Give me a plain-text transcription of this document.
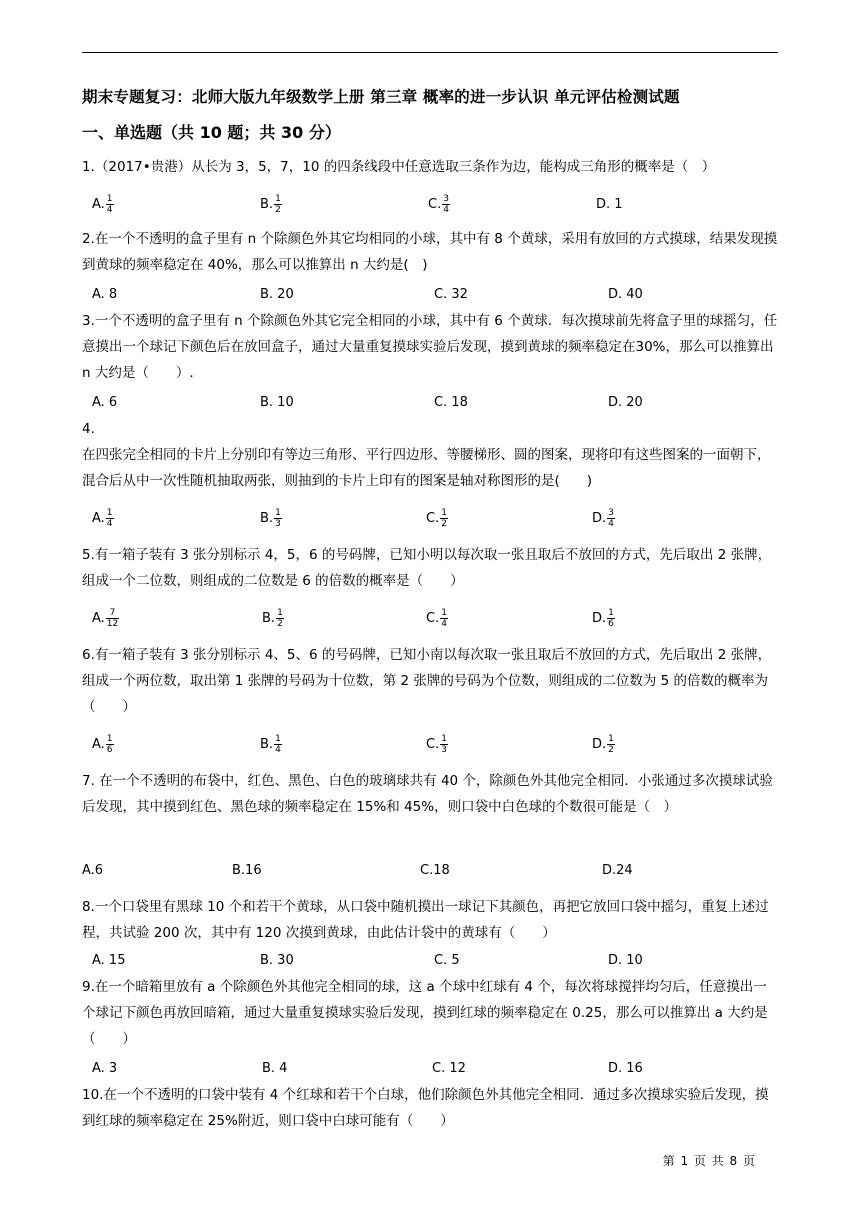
期末专题复习：北师大版九年级数学上册 第三章 概率的进一步认识 单元评估检测试题
一、单选题（共 10 题；共 30 分）
1.（2017•贵港）从长为 3，5，7，10 的四条线段中任意选取三条作为边，能构成三角形的概率是（　）
A. $\frac{1}{4}$	B. $\frac{1}{2}$	C. $\frac{3}{4}$	D. 1
2.在一个不透明的盒子里有 n 个除颜色外其它均相同的小球，其中有 8 个黄球，采用有放回的方式摸球，结果发现摸到黄球的频率稳定在 40%，那么可以推算出 n 大约是(　)
A. 8	B. 20	C. 32	D. 40
3.一个不透明的盒子里有 n 个除颜色外其它完全相同的小球，其中有 6 个黄球．每次摸球前先将盒子里的球摇匀，任意摸出一个球记下颜色后在放回盒子，通过大量重复摸球实验后发现，摸到黄球的频率稳定在30%，那么可以推算出 n 大约是（　　）.
A. 6	B. 10	C. 18	D. 20
4.
在四张完全相同的卡片上分别印有等边三角形、平行四边形、等腰梯形、圆的图案，现将印有这些图案的一面朝下，混合后从中一次性随机抽取两张，则抽到的卡片上印有的图案是轴对称图形的是(　　)
A. $\frac{1}{4}$	B. $\frac{1}{3}$	C. $\frac{1}{2}$	D. $\frac{3}{4}$
5.有一箱子装有 3 张分别标示 4，5，6 的号码牌，已知小明以每次取一张且取后不放回的方式，先后取出 2 张牌，组成一个二位数，则组成的二位数是 6 的倍数的概率是（　　）
A. $\frac{7}{12}$	B. $\frac{1}{2}$	C. $\frac{1}{4}$	D. $\frac{1}{6}$
6.有一箱子装有 3 张分别标示 4、5、6 的号码牌，已知小南以每次取一张且取后不放回的方式，先后取出 2 张牌，组成一个两位数，取出第 1 张牌的号码为十位数，第 2 张牌的号码为个位数，则组成的二位数为 5 的倍数的概率为（　　）
A. $\frac{1}{6}$	B. $\frac{1}{4}$	C. $\frac{1}{3}$	D. $\frac{1}{2}$
7. 在一个不透明的布袋中，红色、黑色、白色的玻璃球共有 40 个，除颜色外其他完全相同．小张通过多次摸球试验后发现，其中摸到红色、黑色球的频率稳定在 15%和 45%，则口袋中白色球的个数很可能是（　）
A.6	B.16	C.18	D.24
8.一个口袋里有黑球 10 个和若干个黄球，从口袋中随机摸出一球记下其颜色，再把它放回口袋中摇匀，重复上述过程，共试验 200 次，其中有 120 次摸到黄球，由此估计袋中的黄球有（　　）
A. 15	B. 30	C. 5	D. 10
9.在一个暗箱里放有 a 个除颜色外其他完全相同的球，这 a 个球中红球有 4 个，每次将球搅拌均匀后，任意摸出一个球记下颜色再放回暗箱，通过大量重复摸球实验后发现，摸到红球的频率稳定在 0.25，那么可以推算出 a 大约是（　　）
A. 3	B. 4	C. 12	D. 16
10.在一个不透明的口袋中装有 4 个红球和若干个白球，他们除颜色外其他完全相同．通过多次摸球实验后发现，摸到红球的频率稳定在 25%附近，则口袋中白球可能有（　　）
第 1 页 共 8 页
